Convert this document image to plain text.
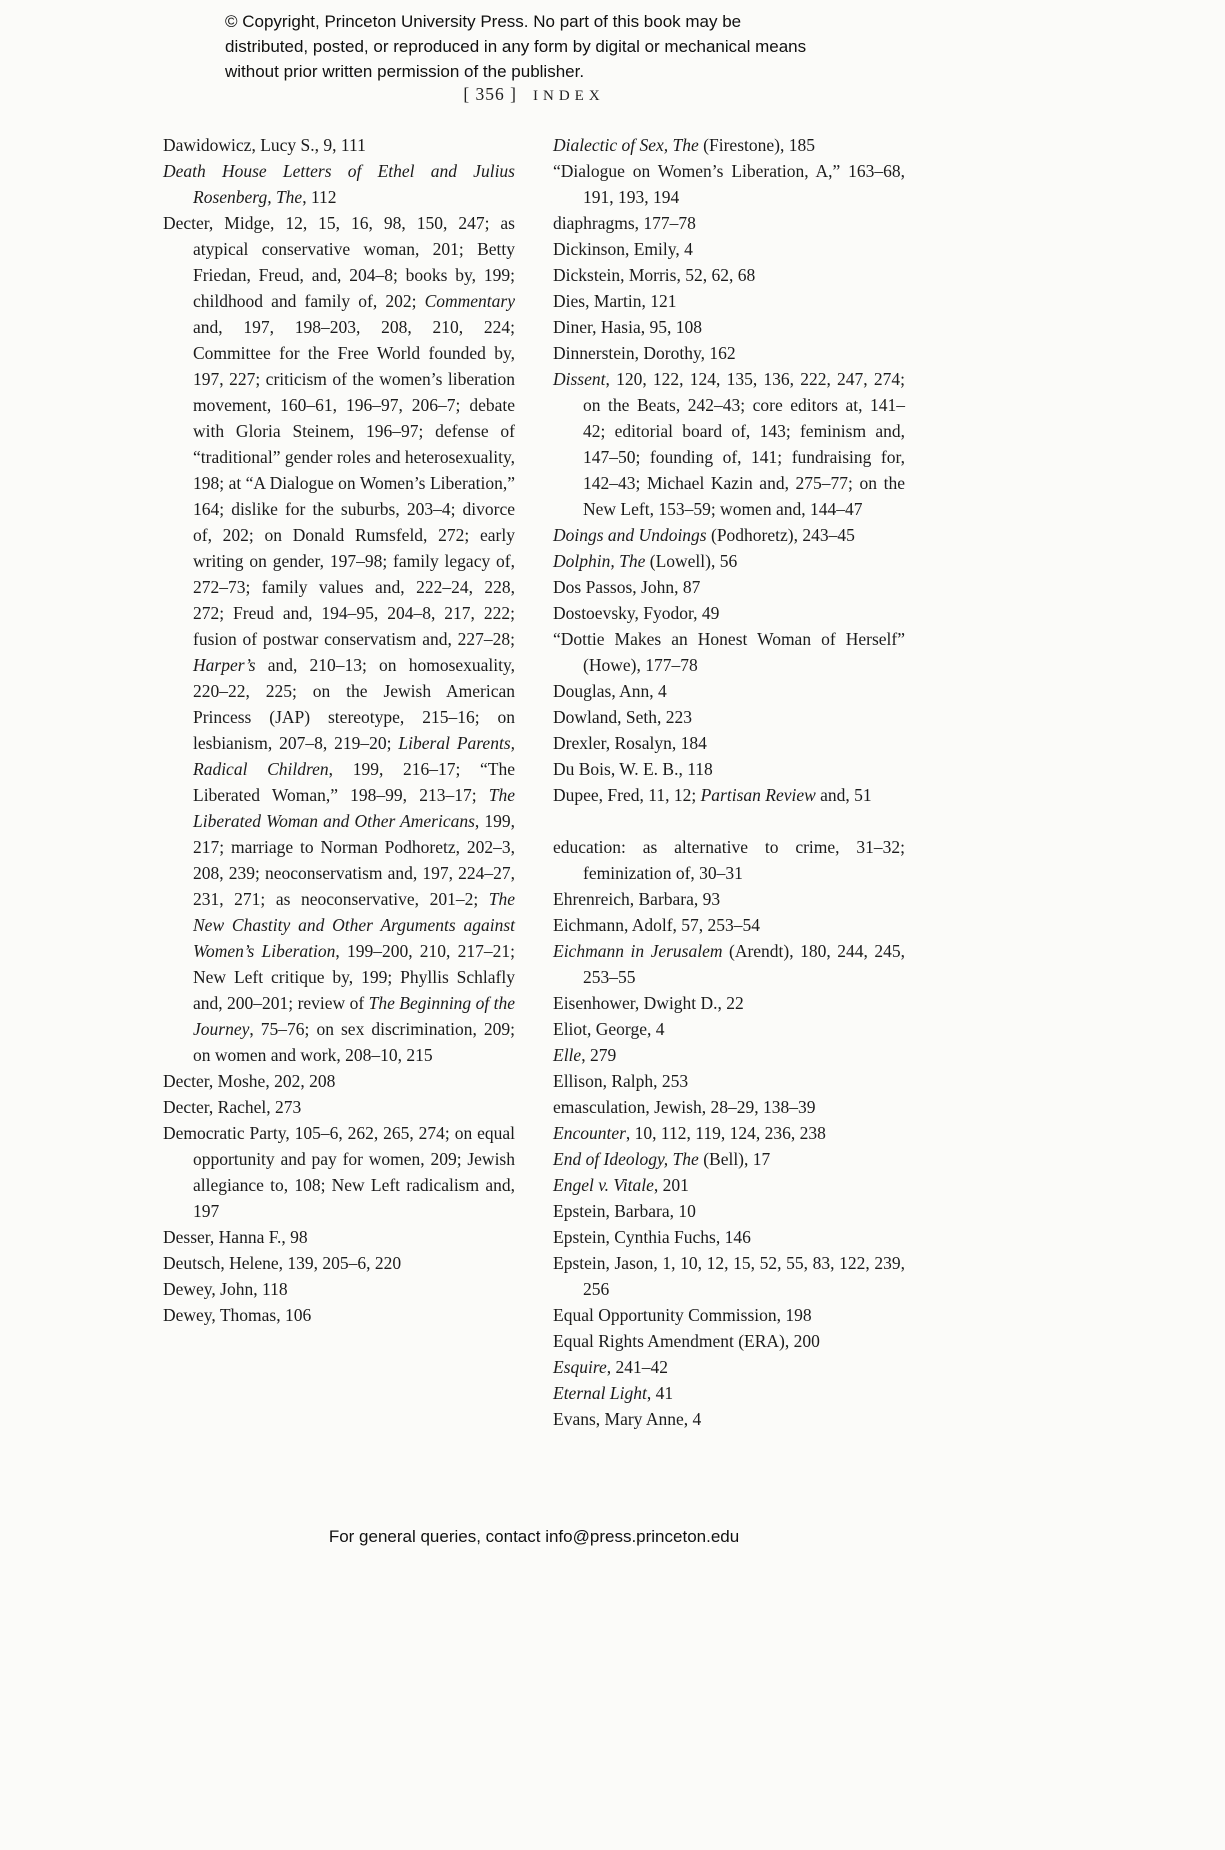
© Copyright, Princeton University Press. No part of this book may be distributed, posted, or reproduced in any form by digital or mechanical means without prior written permission of the publisher.
[ 356 ] INDEX

Dawidowicz, Lucy S., 9, 111

Death House Letters of Ethel and Julius Rosenberg, The, 112

Decter, Midge, 12, 15, 16, 98, 150, 247; as atypical conservative woman, 201; Betty Friedan, Freud, and, 204–8; books by, 199; childhood and family of, 202; Commentary and, 197, 198–203, 208, 210, 224; Committee for the Free World founded by, 197, 227; criticism of the women’s liberation movement, 160–61, 196–97, 206–7; debate with Gloria Steinem, 196–97; defense of “traditional” gender roles and heterosexuality, 198; at “A Dialogue on Women’s Liberation,” 164; dislike for the suburbs, 203–4; divorce of, 202; on Donald Rumsfeld, 272; early writing on gender, 197–98; family legacy of, 272–73; family values and, 222–24, 228, 272; Freud and, 194–95, 204–8, 217, 222; fusion of postwar conservatism and, 227–28; Harper’s and, 210–13; on homosexuality, 220–22, 225; on the Jewish American Princess (JAP) stereotype, 215–16; on lesbianism, 207–8, 219–20; Liberal Parents, Radical Children, 199, 216–17; “The Liberated Woman,” 198–99, 213–17; The Liberated Woman and Other Americans, 199, 217; marriage to Norman Podhoretz, 202–3, 208, 239; neoconservatism and, 197, 224–27, 231, 271; as neoconservative, 201–2; The New Chastity and Other Arguments against Women’s Liberation, 199–200, 210, 217–21; New Left critique by, 199; Phyllis Schlafly and, 200–201; review of The Beginning of the Journey, 75–76; on sex discrimination, 209; on women and work, 208–10, 215

Decter, Moshe, 202, 208

Decter, Rachel, 273

Democratic Party, 105–6, 262, 265, 274; on equal opportunity and pay for women, 209; Jewish allegiance to, 108; New Left radicalism and, 197

Desser, Hanna F., 98

Deutsch, Helene, 139, 205–6, 220

Dewey, John, 118

Dewey, Thomas, 106

Dialectic of Sex, The (Firestone), 185

“Dialogue on Women’s Liberation, A,” 163–68, 191, 193, 194

diaphragms, 177–78

Dickinson, Emily, 4

Dickstein, Morris, 52, 62, 68

Dies, Martin, 121

Diner, Hasia, 95, 108

Dinnerstein, Dorothy, 162

Dissent, 120, 122, 124, 135, 136, 222, 247, 274; on the Beats, 242–43; core editors at, 141–42; editorial board of, 143; feminism and, 147–50; founding of, 141; fundraising for, 142–43; Michael Kazin and, 275–77; on the New Left, 153–59; women and, 144–47

Doings and Undoings (Podhoretz), 243–45

Dolphin, The (Lowell), 56

Dos Passos, John, 87

Dostoevsky, Fyodor, 49

“Dottie Makes an Honest Woman of Herself” (Howe), 177–78

Douglas, Ann, 4

Dowland, Seth, 223

Drexler, Rosalyn, 184

Du Bois, W. E. B., 118

Dupee, Fred, 11, 12; Partisan Review and, 51

education: as alternative to crime, 31–32; feminization of, 30–31

Ehrenreich, Barbara, 93

Eichmann, Adolf, 57, 253–54

Eichmann in Jerusalem (Arendt), 180, 244, 245, 253–55

Eisenhower, Dwight D., 22

Eliot, George, 4

Elle, 279

Ellison, Ralph, 253

emasculation, Jewish, 28–29, 138–39

Encounter, 10, 112, 119, 124, 236, 238

End of Ideology, The (Bell), 17

Engel v. Vitale, 201

Epstein, Barbara, 10

Epstein, Cynthia Fuchs, 146

Epstein, Jason, 1, 10, 12, 15, 52, 55, 83, 122, 239, 256

Equal Opportunity Commission, 198

Equal Rights Amendment (ERA), 200

Esquire, 241–42

Eternal Light, 41

Evans, Mary Anne, 4

For general queries, contact info@press.princeton.edu
